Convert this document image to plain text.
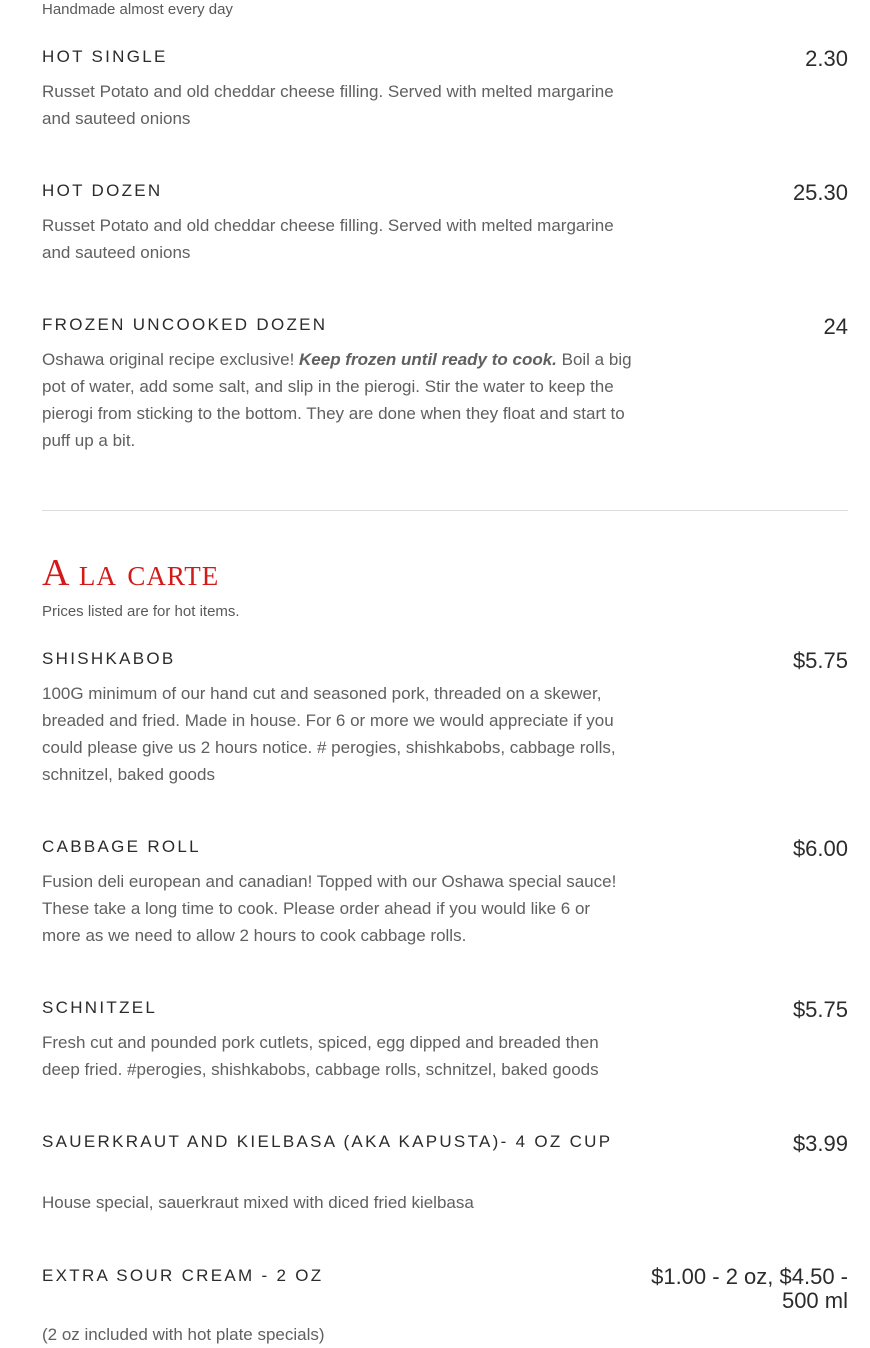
Handmade almost every day

HOT SINGLE	2.30
Russet Potato and old cheddar cheese filling. Served with melted margarine and sauteed onions
HOT DOZEN	25.30
Russet Potato and old cheddar cheese filling. Served with melted margarine and sauteed onions
FROZEN UNCOOKED DOZEN	24
Oshawa original recipe exclusive! Keep frozen until ready to cook. Boil a big pot of water, add some salt, and slip in the pierogi. Stir the water to keep the pierogi from sticking to the bottom. They are done when they float and start to puff up a bit.
A la carte

Prices listed are for hot items.

SHISHKABOB	$5.75
100G minimum of our hand cut and seasoned pork, threaded on a skewer, breaded and fried. Made in house. For 6 or more we would appreciate if you could please give us 2 hours notice. # perogies, shishkabobs, cabbage rolls, schnitzel, baked goods
CABBAGE ROLL	$6.00
Fusion deli european and canadian! Topped with our Oshawa special sauce! These take a long time to cook. Please order ahead if you would like 6 or more as we need to allow 2 hours to cook cabbage rolls.
SCHNITZEL	$5.75
Fresh cut and pounded pork cutlets, spiced, egg dipped and breaded then deep fried. #perogies, shishkabobs, cabbage rolls, schnitzel, baked goods
SAUERKRAUT AND KIELBASA (AKA KAPUSTA)- 4 OZ CUP	$3.99
House special, sauerkraut mixed with diced fried kielbasa
EXTRA SOUR CREAM - 2 OZ	$1.00 - 2 oz, $4.50 - 500 ml
(2 oz included with hot plate specials)
